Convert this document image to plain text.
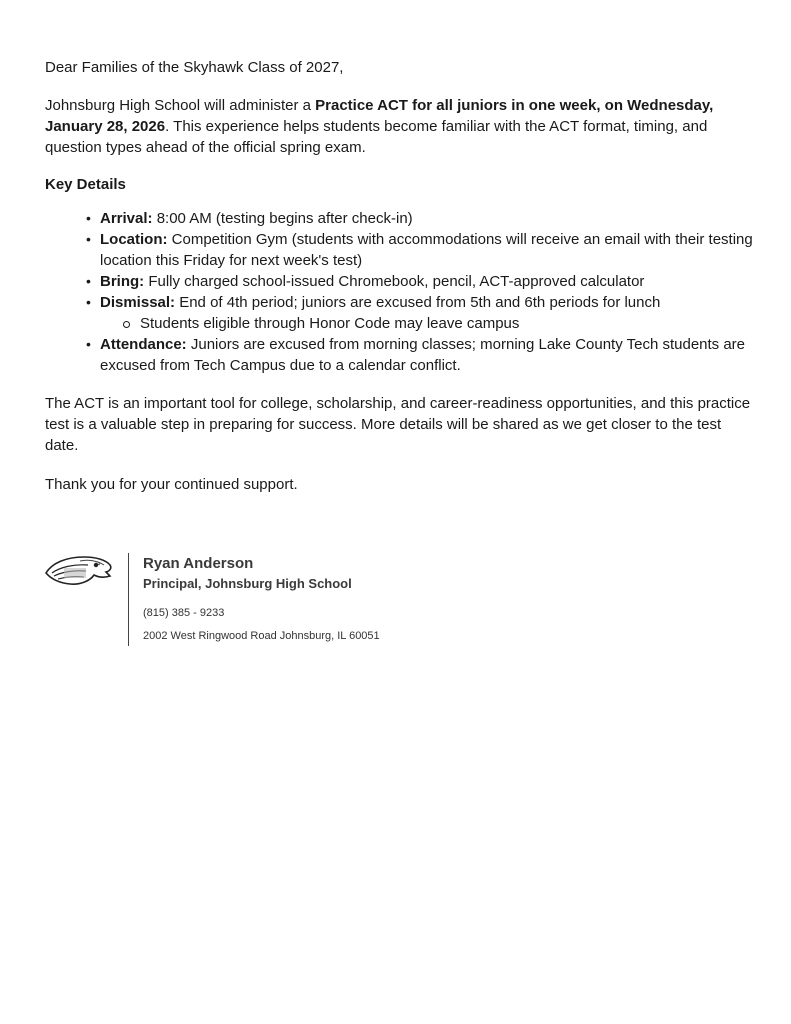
Dear Families of the Skyhawk Class of 2027,

Johnsburg High School will administer a Practice ACT for all juniors in one week, on Wednesday, January 28, 2026. This experience helps students become familiar with the ACT format, timing, and question types ahead of the official spring exam.

Key Details

• Arrival: 8:00 AM (testing begins after check-in)
• Location: Competition Gym (students with accommodations will receive an email with their testing location this Friday for next week's test)
• Bring: Fully charged school-issued Chromebook, pencil, ACT-approved calculator
• Dismissal: End of 4th period; juniors are excused from 5th and 6th periods for lunch
Students eligible through Honor Code may leave campus
• Attendance: Juniors are excused from morning classes; morning Lake County Tech students are excused from Tech Campus due to a calendar conflict.

The ACT is an important tool for college, scholarship, and career-readiness opportunities, and this practice test is a valuable step in preparing for success. More details will be shared as we get closer to the test date.

Thank you for your continued support.

Ryan Anderson
Principal, Johnsburg High School
(815) 385 - 9233
2002 West Ringwood Road Johnsburg, IL 60051
